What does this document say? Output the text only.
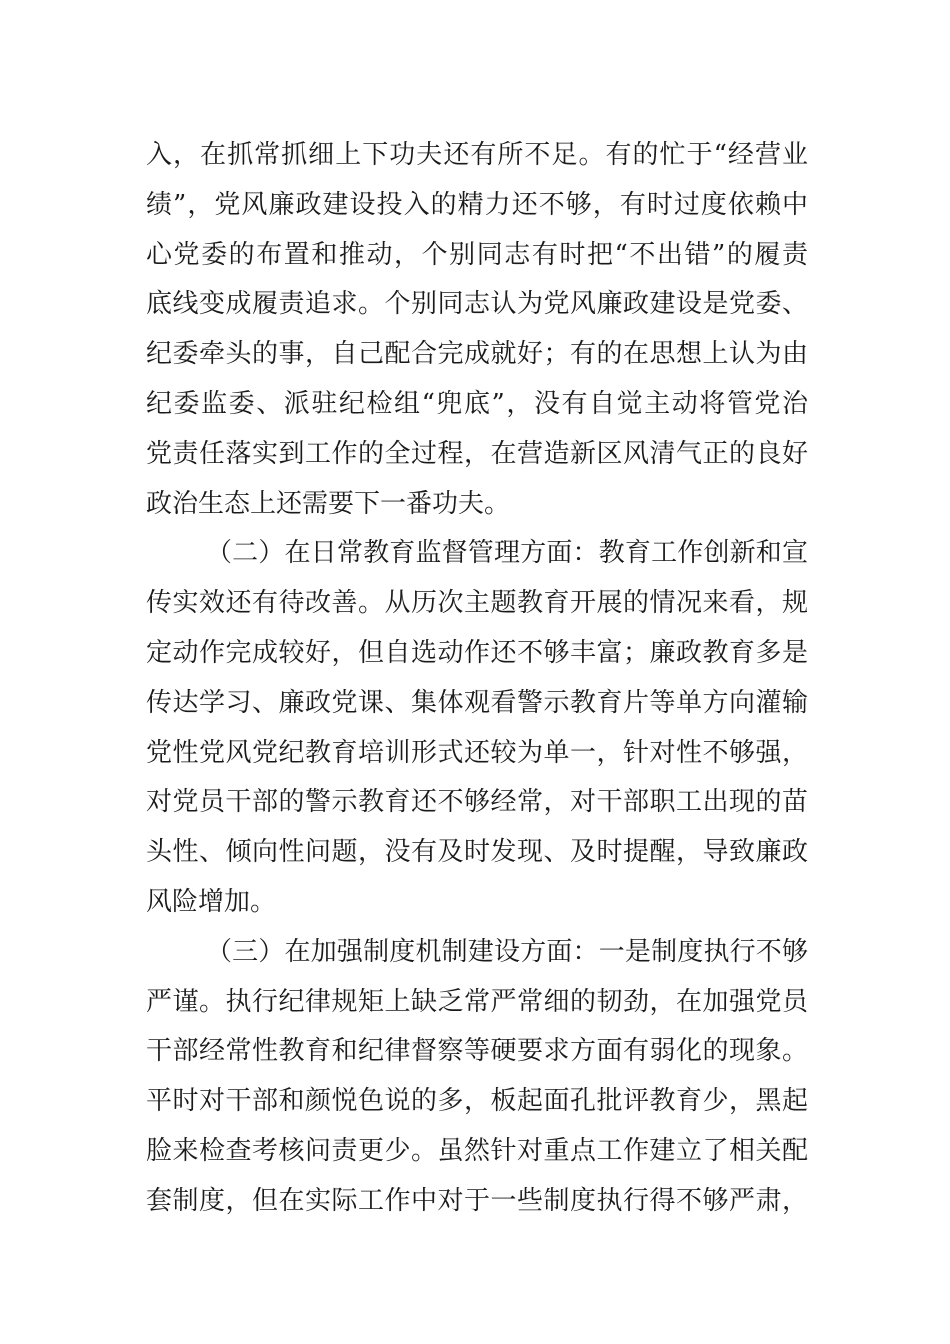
入，在抓常抓细上下功夫还有所不足。有的忙于“经营业
绩”，党风廉政建设投入的精力还不够，有时过度依赖中
心党委的布置和推动，个别同志有时把“不出错”的履责
底线变成履责追求。个别同志认为党风廉政建设是党委、
纪委牵头的事，自己配合完成就好；有的在思想上认为由
纪委监委、派驻纪检组“兜底”，没有自觉主动将管党治
党责任落实到工作的全过程，在营造新区风清气正的良好
政治生态上还需要下一番功夫。
（二）在日常教育监督管理方面：教育工作创新和宣
传实效还有待改善。从历次主题教育开展的情况来看，规
定动作完成较好，但自选动作还不够丰富；廉政教育多是
传达学习、廉政党课、集体观看警示教育片等单方向灌输
党性党风党纪教育培训形式还较为单一，针对性不够强，
对党员干部的警示教育还不够经常，对干部职工出现的苗
头性、倾向性问题，没有及时发现、及时提醒，导致廉政
风险增加。
（三）在加强制度机制建设方面：一是制度执行不够
严谨。执行纪律规矩上缺乏常严常细的韧劲，在加强党员
干部经常性教育和纪律督察等硬要求方面有弱化的现象。
平时对干部和颜悦色说的多，板起面孔批评教育少，黑起
脸来检查考核问责更少。虽然针对重点工作建立了相关配
套制度，但在实际工作中对于一些制度执行得不够严肃，
